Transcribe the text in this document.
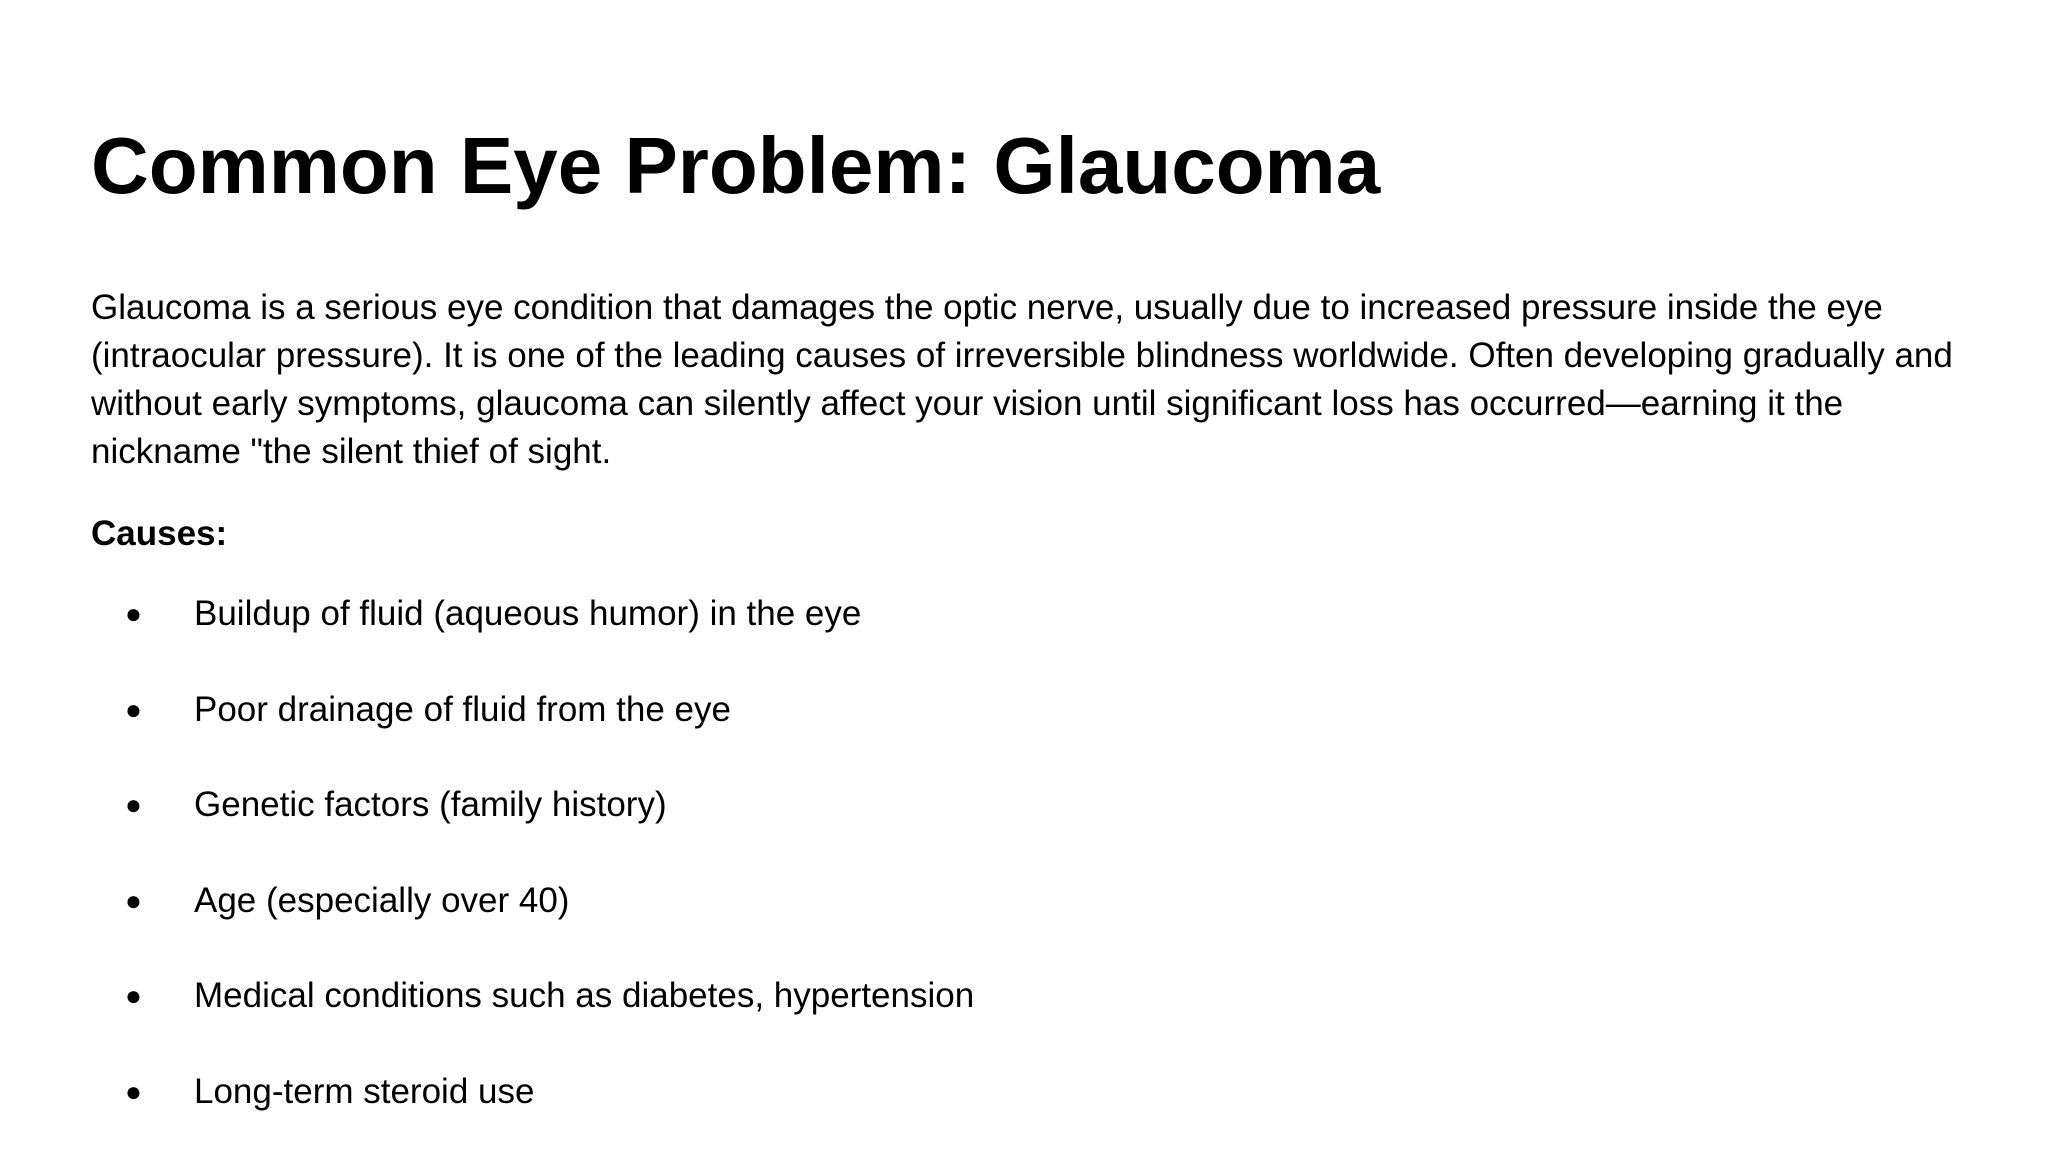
Common Eye Problem: Glaucoma

Glaucoma is a serious eye condition that damages the optic nerve, usually due to increased pressure inside the eye (intraocular pressure). It is one of the leading causes of irreversible blindness worldwide. Often developing gradually and without early symptoms, glaucoma can silently affect your vision until significant loss has occurred—earning it the nickname "the silent thief of sight.

Causes:

● Buildup of fluid (aqueous humor) in the eye
● Poor drainage of fluid from the eye
● Genetic factors (family history)
● Age (especially over 40)
● Medical conditions such as diabetes, hypertension
● Long-term steroid use
